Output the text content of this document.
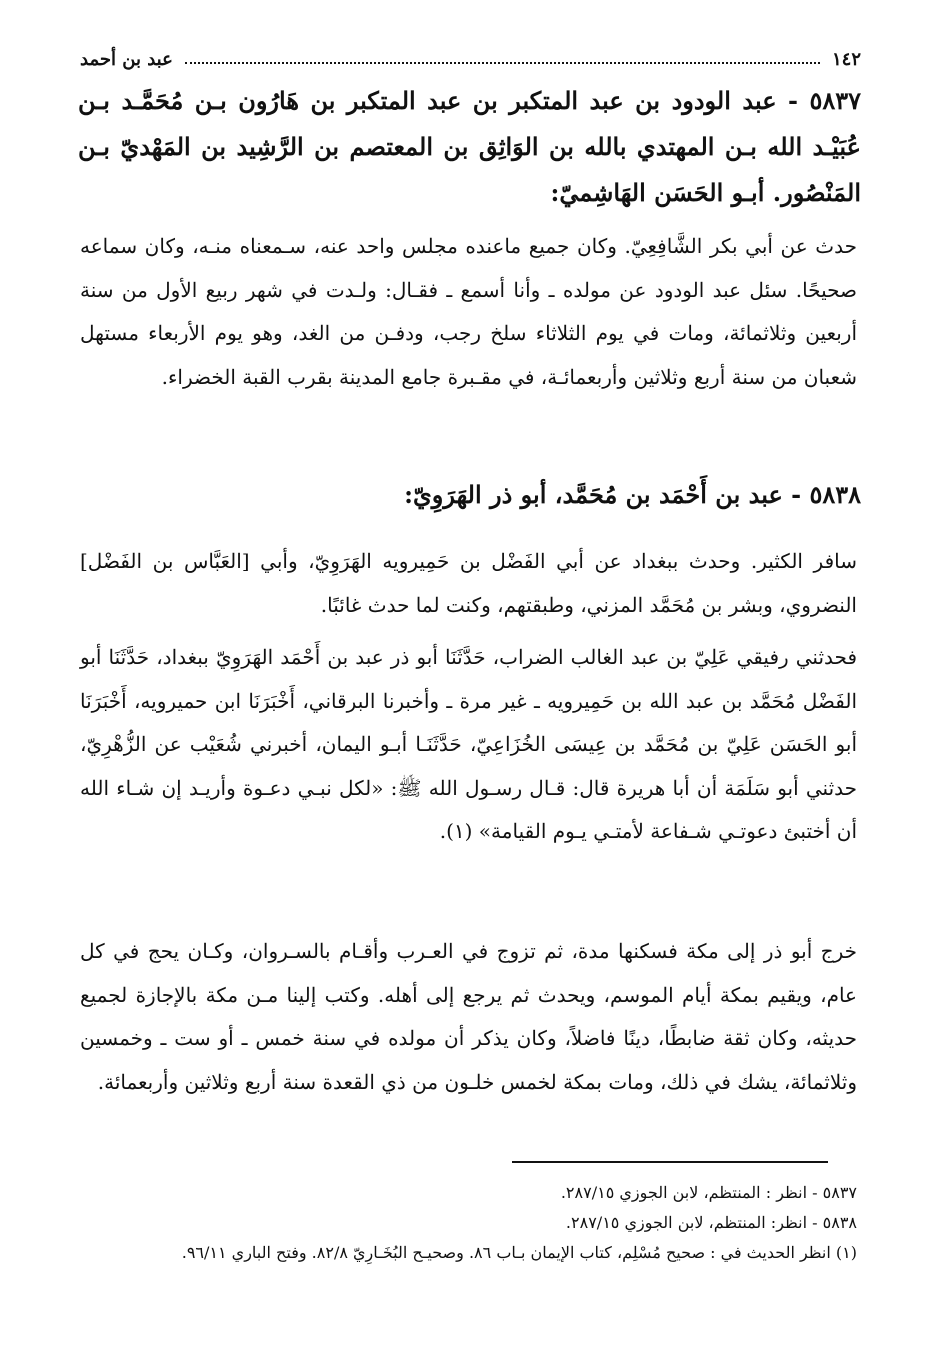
١٤٢
عبد بن أحمد
٥٨٣٧ - عبد الودود بن عبد المتكبر بن عبد المتكبر بن هَارُون بـن مُحَمَّـد بـن عُبَيْـد الله بـن المهتدي بالله بن الوَاثِق بن المعتصم بن الرَّشِيد بن المَهْديّ بـن المَنْصُور. أبـو الحَسَن الهَاشِميّ:
حدث عن أبي بكر الشَّافِعِيّ. وكان جميع ماعنده مجلس واحد عنه، سـمعناه منـه، وكان سماعه صحيحًا. سئل عبد الودود عن مولده ـ وأنا أسمع ـ فقـال: ولـدت في شهر ربيع الأول من سنة أربعين وثلاثمائة، ومات في يوم الثلاثاء سلخ رجب، ودفـن من الغد، وهو يوم الأربعاء مستهل شعبان من سنة أربع وثلاثين وأربعمائـة، في مقـبرة جامع المدينة بقرب القبة الخضراء.
٥٨٣٨ - عبد بن أَحْمَد بن مُحَمَّد، أبو ذر الهَرَوِيّ:
سافر الكثير. وحدث ببغداد عن أبي الفَضْل بن حَمِيرويه الهَرَوِيّ، وأبي [العَبَّاس بن الفَضْل] النضروي، وبشر بن مُحَمَّد المزني، وطبقتهم، وكنت لما حدث غائبًا.
فحدثني رفيقي عَلِيّ بن عبد الغالب الضراب، حَدَّثَنَا أبو ذر عبد بن أَحْمَد الهَرَوِيّ ببغداد، حَدَّثَنَا أبو الفَضْل مُحَمَّد بن عبد الله بن حَمِيرويه ـ غير مرة ـ وأخبرنا البرقاني، أَخْبَرَنَا ابن حميرويه، أَخْبَرَنَا أبو الحَسَن عَلِيّ بن مُحَمَّد بن عِيسَى الخُزَاعِيّ، حَدَّثَنَـا أبـو اليمان، أخبرني شُعَيْب عن الزُّهْرِيّ، حدثني أبو سَلَمَة أن أبا هريرة قال: قـال رسـول الله ﷺ: «لكل نبـي دعـوة وأريـد إن شـاء الله أن أختبئ دعوتـي شـفاعة لأمتـي يـوم القيامة» (١).
خرج أبو ذر إلى مكة فسكنها مدة، ثم تزوج في العـرب وأقـام بالسـروان، وكـان يحج في كل عام، ويقيم بمكة أيام الموسم، ويحدث ثم يرجع إلى أهله. وكتب إلينا مـن مكة بالإجازة لجميع حديثه، وكان ثقة ضابطًا، دينًا فاضلاً، وكان يذكر أن مولده في سنة خمس ـ أو ست ـ وخمسين وثلاثمائة، يشك في ذلك، ومات بمكة لخمس خلـون من ذي القعدة سنة أربع وثلاثين وأربعمائة.
٥٨٣٧ - انظر : المنتظم، لابن الجوزي ٢٨٧/١٥.
٥٨٣٨ - انظر: المنتظم، لابن الجوزي ٢٨٧/١٥.
(١) انظر الحديث في : صحيح مُسْلِم، كتاب الإيمان بـاب ٨٦. وصحيـح البُخَـارِيّ ٨٢/٨. وفتح الباري ٩٦/١١.
